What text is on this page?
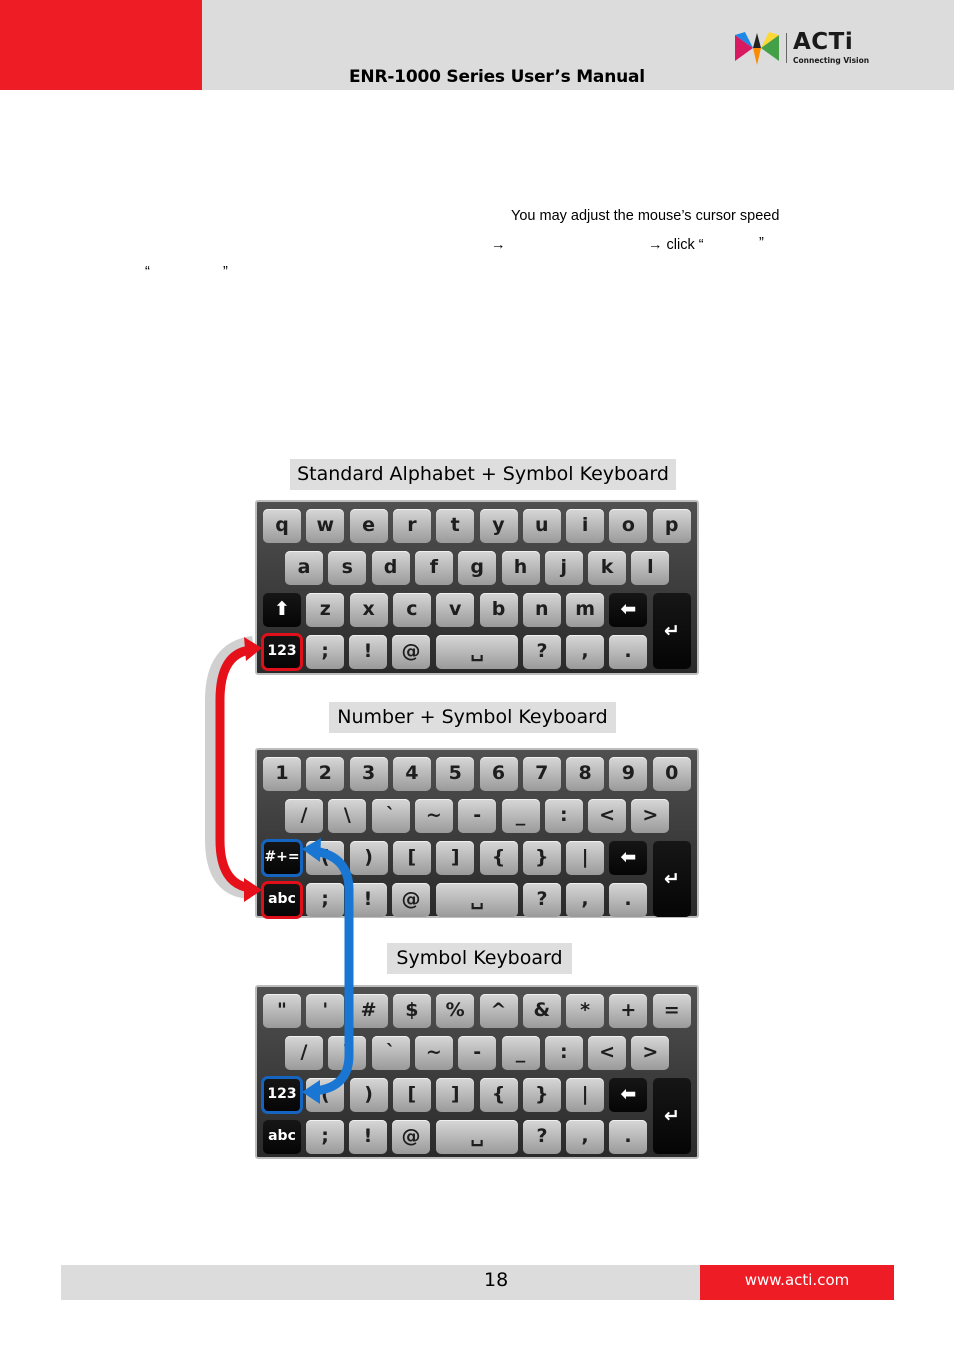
ENR-1000 Series User’s Manual
ACTi
Connecting Vision
You may adjust the mouse’s cursor speed
→	→ click “	”
“	”
Standard Alphabet + Symbol Keyboard
Number + Symbol Keyboard
Symbol Keyboard
q	w	e	r	t	y	u	i	o	p
a	s	d	f	g	h	j	k	l
⬆	z	x	c	v	b	n	m	⬅
123	;	!	@	␣	?	,	.
↵
1	2	3	4	5	6	7	8	9	0
/	\	`	~	-	_	:	<	>
#+=	(	)	[	]	{	}	|	⬅
abc	;	!	@	␣	?	,	.
↵
"	'	#	$	%	^	&	*	+	=
/	\	`	~	-	_	:	<	>
123	(	)	[	]	{	}	|	⬅
abc	;	!	@	␣	?	,	.
↵
18	www.acti.com
